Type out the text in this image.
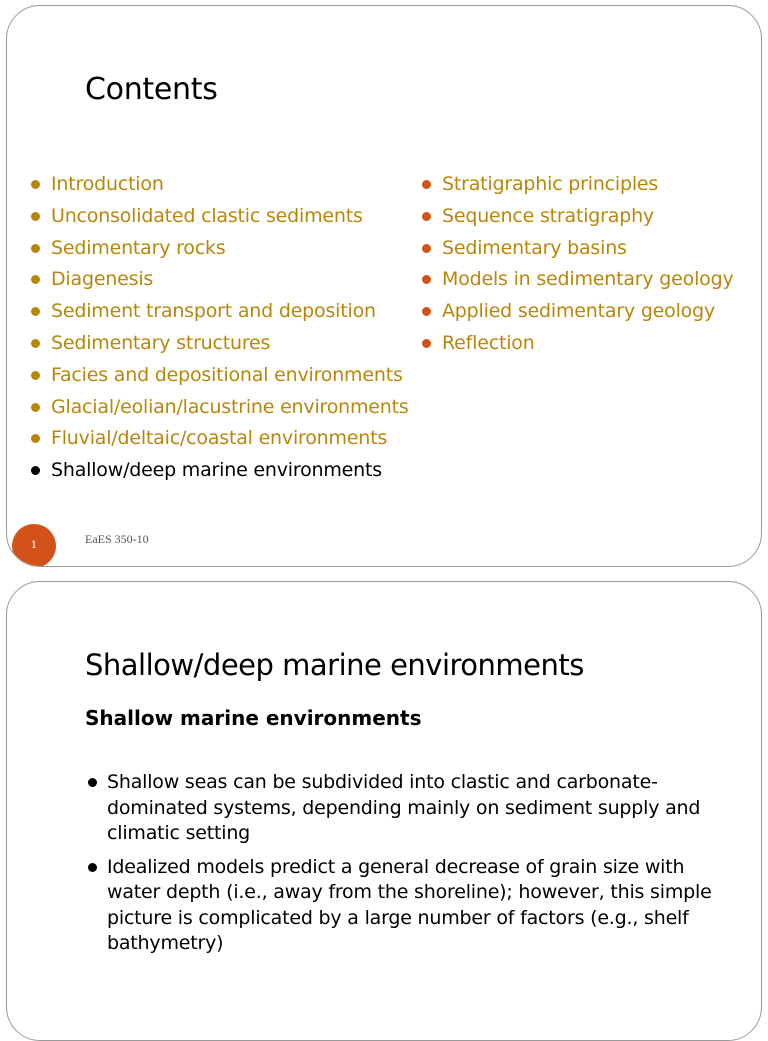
Contents
Introduction
Unconsolidated clastic sediments
Sedimentary rocks
Diagenesis
Sediment transport and deposition
Sedimentary structures
Facies and depositional environments
Glacial/eolian/lacustrine environments
Fluvial/deltaic/coastal environments
Shallow/deep marine environments
Stratigraphic principles
Sequence stratigraphy
Sedimentary basins
Models in sedimentary geology
Applied sedimentary geology
Reflection
1	EaES 350-10
Shallow/deep marine environments
Shallow marine environments
Shallow seas can be subdivided into clastic and carbonate-dominated systems, depending mainly on sediment supply and climatic setting
Idealized models predict a general decrease of grain size with water depth (i.e., away from the shoreline); however, this simple picture is complicated by a large number of factors (e.g., shelf bathymetry)
